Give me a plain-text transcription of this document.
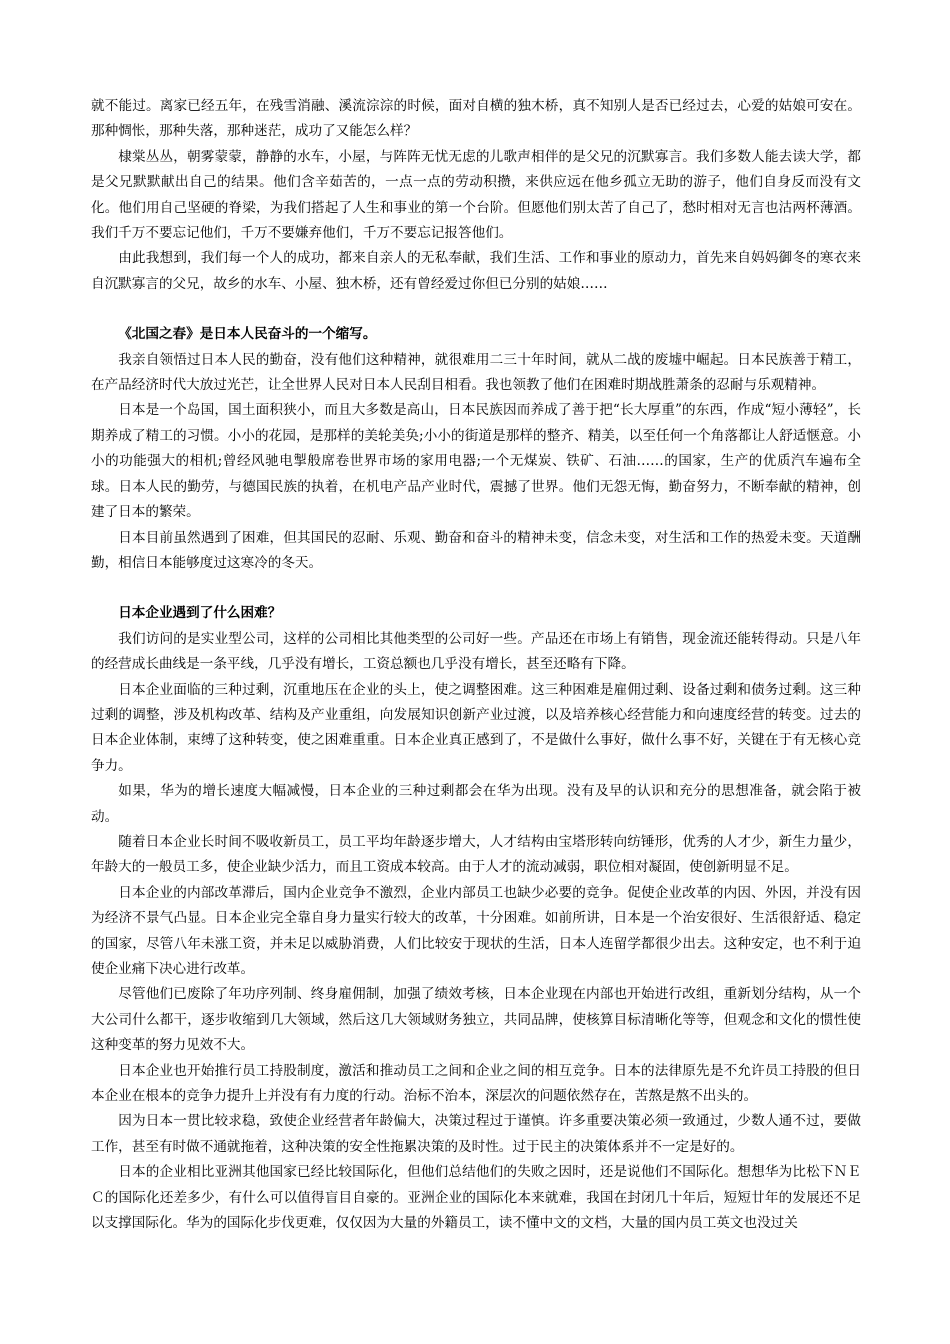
就不能过。离家已经五年，在残雪消融、溪流淙淙的时候，面对自横的独木桥，真不知别人是否已经过去，心爱的姑娘可安在。那种惆怅，那种失落，那种迷茫，成功了又能怎么样？

棣棠丛丛，朝雾蒙蒙，静静的水车，小屋，与阵阵无忧无虑的儿歌声相伴的是父兄的沉默寡言。我们多数人能去读大学，都是父兄默默献出自己的结果。他们含辛茹苦的，一点一点的劳动积攒，来供应远在他乡孤立无助的游子，他们自身反而没有文化。他们用自己坚硬的脊梁，为我们搭起了人生和事业的第一个台阶。但愿他们别太苦了自己了，愁时相对无言也沽两杯薄酒。我们千万不要忘记他们，千万不要嫌弃他们，千万不要忘记报答他们。

由此我想到，我们每一个人的成功，都来自亲人的无私奉献，我们生活、工作和事业的原动力，首先来自妈妈御冬的寒衣来自沉默寡言的父兄，故乡的水车、小屋、独木桥，还有曾经爱过你但已分别的姑娘……

《北国之春》是日本人民奋斗的一个缩写。

我亲自领悟过日本人民的勤奋，没有他们这种精神，就很难用二三十年时间，就从二战的废墟中崛起。日本民族善于精工，在产品经济时代大放过光芒，让全世界人民对日本人民刮目相看。我也领教了他们在困难时期战胜萧条的忍耐与乐观精神。

日本是一个岛国，国土面积狭小，而且大多数是高山，日本民族因而养成了善于把“长大厚重”的东西，作成“短小薄轻”，长期养成了精工的习惯。小小的花园，是那样的美轮美奂;小小的街道是那样的整齐、精美，以至任何一个角落都让人舒适惬意。小小的功能强大的相机;曾经风驰电掣般席卷世界市场的家用电器;一个无煤炭、铁矿、石油……的国家，生产的优质汽车遍布全球。日本人民的勤劳，与德国民族的执着，在机电产品产业时代，震撼了世界。他们无怨无悔，勤奋努力，不断奉献的精神，创建了日本的繁荣。

日本目前虽然遇到了困难，但其国民的忍耐、乐观、勤奋和奋斗的精神未变，信念未变，对生活和工作的热爱未变。天道酬勤，相信日本能够度过这寒冷的冬天。

日本企业遇到了什么困难？

我们访问的是实业型公司，这样的公司相比其他类型的公司好一些。产品还在市场上有销售，现金流还能转得动。只是八年的经营成长曲线是一条平线，几乎没有增长，工资总额也几乎没有增长，甚至还略有下降。

日本企业面临的三种过剩，沉重地压在企业的头上，使之调整困难。这三种困难是雇佣过剩、设备过剩和债务过剩。这三种过剩的调整，涉及机构改革、结构及产业重组，向发展知识创新产业过渡，以及培养核心经营能力和向速度经营的转变。过去的日本企业体制，束缚了这种转变，使之困难重重。日本企业真正感到了，不是做什么事好，做什么事不好，关键在于有无核心竞争力。

如果，华为的增长速度大幅减慢，日本企业的三种过剩都会在华为出现。没有及早的认识和充分的思想准备，就会陷于被动。

随着日本企业长时间不吸收新员工，员工平均年龄逐步增大，人才结构由宝塔形转向纺锤形，优秀的人才少，新生力量少，年龄大的一般员工多，使企业缺少活力，而且工资成本较高。由于人才的流动减弱，职位相对凝固，使创新明显不足。

日本企业的内部改革滞后，国内企业竞争不激烈，企业内部员工也缺少必要的竞争。促使企业改革的内因、外因，并没有因为经济不景气凸显。日本企业完全靠自身力量实行较大的改革，十分困难。如前所讲，日本是一个治安很好、生活很舒适、稳定的国家，尽管八年未涨工资，并未足以威胁消费，人们比较安于现状的生活，日本人连留学都很少出去。这种安定，也不利于迫使企业痛下决心进行改革。

尽管他们已废除了年功序列制、终身雇佣制，加强了绩效考核，日本企业现在内部也开始进行改组，重新划分结构，从一个大公司什么都干，逐步收缩到几大领域，然后这几大领域财务独立，共同品牌，使核算目标清晰化等等，但观念和文化的惯性使这种变革的努力见效不大。

日本企业也开始推行员工持股制度，激活和推动员工之间和企业之间的相互竞争。日本的法律原先是不允许员工持股的但日本企业在根本的竞争力提升上并没有有力度的行动。治标不治本，深层次的问题依然存在，苦熬是熬不出头的。

因为日本一贯比较求稳，致使企业经营者年龄偏大，决策过程过于谨慎。许多重要决策必须一致通过，少数人通不过，要做工作，甚至有时做不通就拖着，这种决策的安全性拖累决策的及时性。过于民主的决策体系并不一定是好的。

日本的企业相比亚洲其他国家已经比较国际化，但他们总结他们的失败之因时，还是说他们不国际化。想想华为比松下ＮＥＣ的国际化还差多少，有什么可以值得盲目自豪的。亚洲企业的国际化本来就难，我国在封闭几十年后，短短廿年的发展还不足以支撑国际化。华为的国际化步伐更难，仅仅因为大量的外籍员工，读不懂中文的文档，大量的国内员工英文也没过关
